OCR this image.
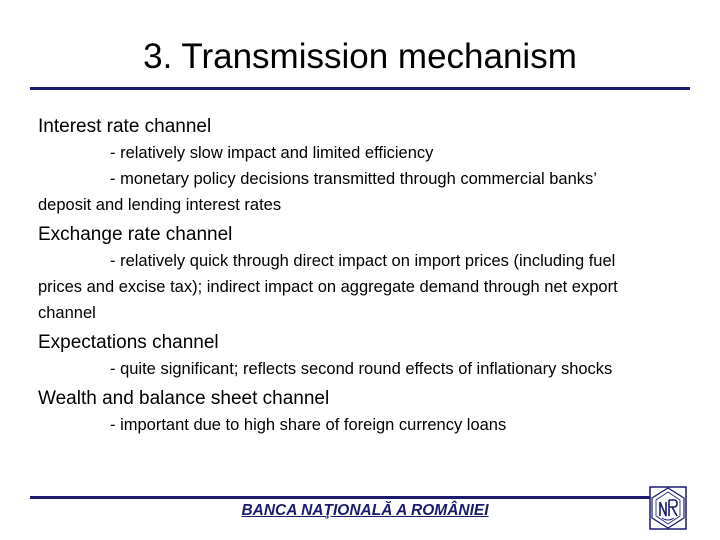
3. Transmission mechanism

Interest rate channel

- relatively slow impact and limited efficiency

- monetary policy decisions transmitted through commercial banks’

deposit and lending interest rates

Exchange rate channel

- relatively quick through direct impact on import prices (including fuel

prices and excise tax); indirect impact on aggregate demand through net export

channel

Expectations channel

- quite significant; reflects second round effects of inflationary shocks

Wealth and balance sheet channel

- important due to high share of foreign currency loans

BANCA NAŢIONALĂ A ROMÂNIEI
